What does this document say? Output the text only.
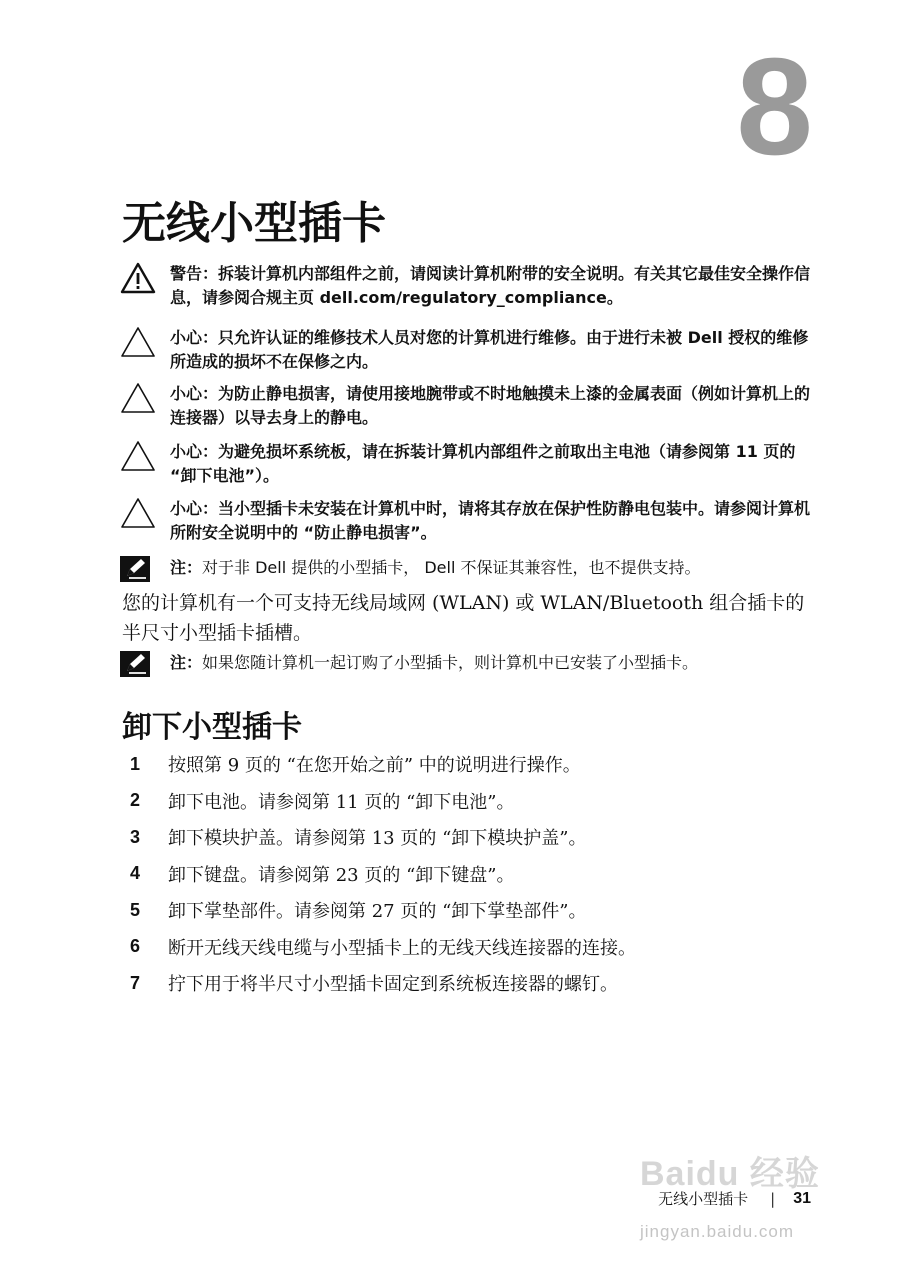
8
无线小型插卡
警告：拆装计算机内部组件之前，请阅读计算机附带的安全说明。有关其它最佳安全操作信息，请参阅合规主页 dell.com/regulatory_compliance。
小心：只允许认证的维修技术人员对您的计算机进行维修。由于进行未被 Dell 授权的维修所造成的损坏不在保修之内。
小心：为防止静电损害，请使用接地腕带或不时地触摸未上漆的金属表面（例如计算机上的连接器）以导去身上的静电。
小心：为避免损坏系统板，请在拆装计算机内部组件之前取出主电池（请参阅第 11 页的 “卸下电池”）。
小心：当小型插卡未安装在计算机中时，请将其存放在保护性防静电包装中。请参阅计算机所附安全说明中的 “防止静电损害”。
注：对于非 Dell 提供的小型插卡， Dell 不保证其兼容性，也不提供支持。

您的计算机有一个可支持无线局域网 (WLAN) 或 WLAN/Bluetooth 组合插卡的半尺寸小型插卡插槽。

注：如果您随计算机一起订购了小型插卡，则计算机中已安装了小型插卡。
卸下小型插卡
1	按照第 9 页的 “在您开始之前” 中的说明进行操作。
2	卸下电池。请参阅第 11 页的 “卸下电池”。
3	卸下模块护盖。请参阅第 13 页的 “卸下模块护盖”。
4	卸下键盘。请参阅第 23 页的 “卸下键盘”。
5	卸下掌垫部件。请参阅第 27 页的 “卸下掌垫部件”。
6	断开无线天线电缆与小型插卡上的无线天线连接器的连接。
7	拧下用于将半尺寸小型插卡固定到系统板连接器的螺钉。
Baidu 经验
jingyan.baidu.com
无线小型插卡 | 31
